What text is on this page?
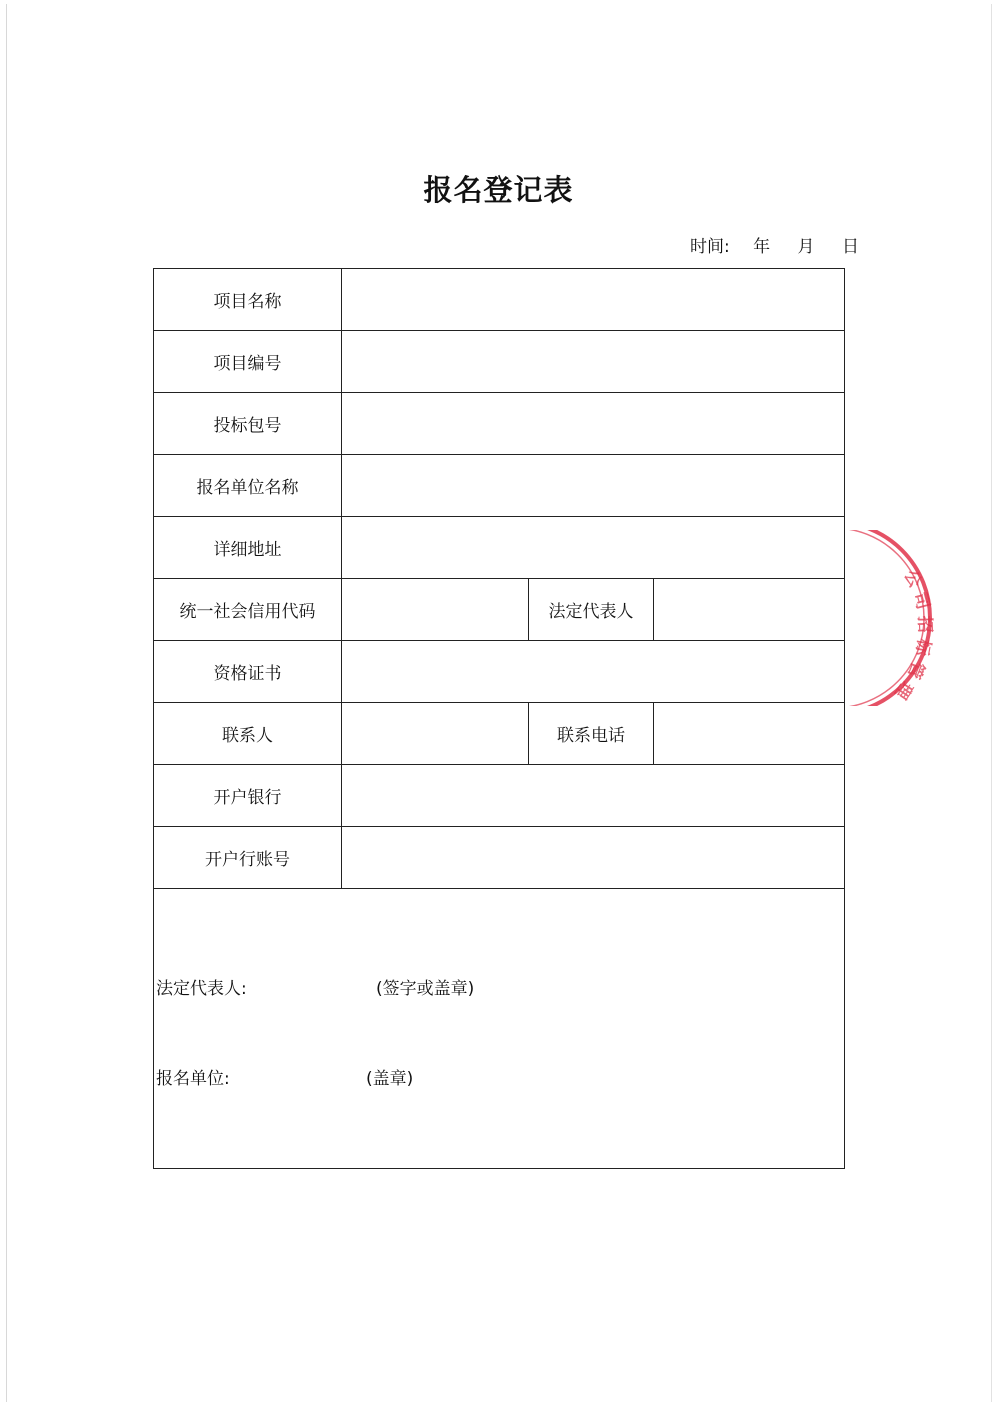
报名登记表
时间: 年 月 日
项目名称			
项目编号			
投标包号			
报名单位名称			
详细地址			
统一社会信用代码		法定代表人	
资格证书			
联系人		联系电话	
开户银行			
开户行账号			

法定代表人: (签字或盖章)
报名单位: (盖章)			
公
司
招
标
管
理
